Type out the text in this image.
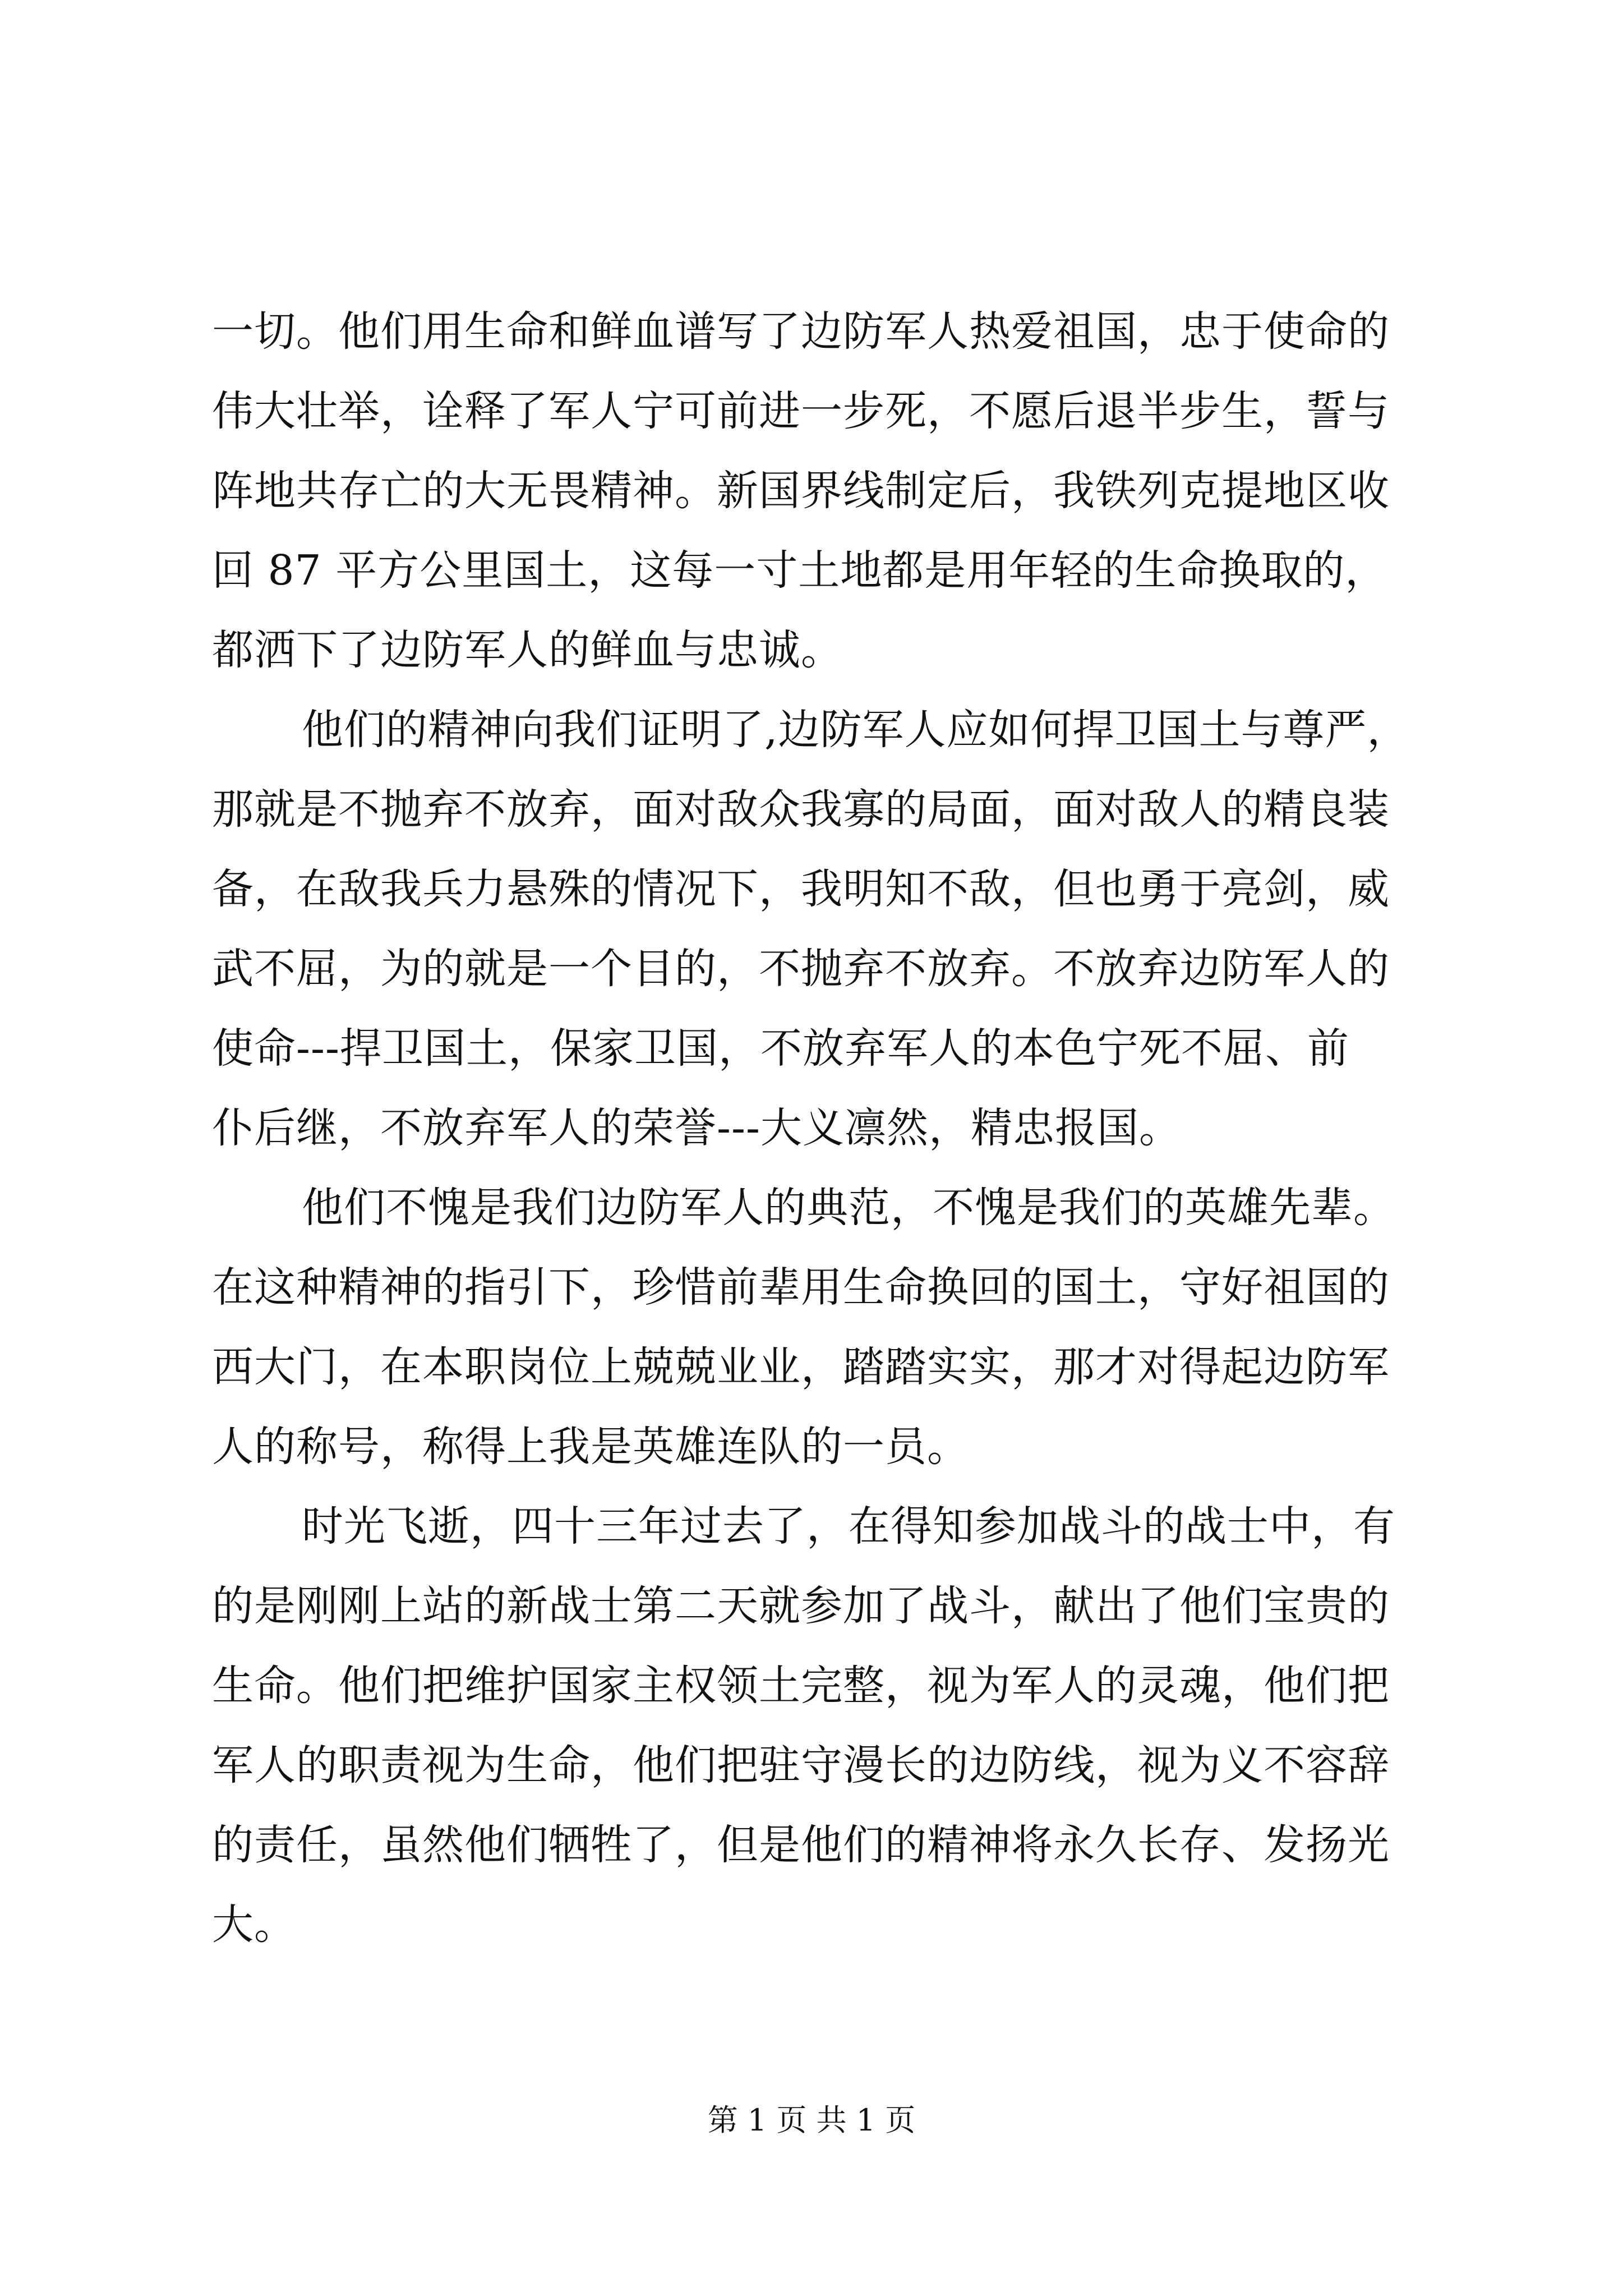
一切。他们用生命和鲜血谱写了边防军人热爱祖国，忠于使命的
伟大壮举，诠释了军人宁可前进一步死，不愿后退半步生，誓与
阵地共存亡的大无畏精神。新国界线制定后，我铁列克提地区收
回 87 平方公里国土，这每一寸土地都是用年轻的生命换取的，
都洒下了边防军人的鲜血与忠诚。
他们的精神向我们证明了,边防军人应如何捍卫国土与尊严，
那就是不抛弃不放弃，面对敌众我寡的局面，面对敌人的精良装
备，在敌我兵力悬殊的情况下，我明知不敌，但也勇于亮剑，威
武不屈，为的就是一个目的，不抛弃不放弃。不放弃边防军人的
使命---捍卫国土，保家卫国，不放弃军人的本色宁死不屈、前
仆后继，不放弃军人的荣誉---大义凛然，精忠报国。
他们不愧是我们边防军人的典范，不愧是我们的英雄先辈。
在这种精神的指引下，珍惜前辈用生命换回的国土，守好祖国的
西大门，在本职岗位上兢兢业业，踏踏实实，那才对得起边防军
人的称号，称得上我是英雄连队的一员。
时光飞逝，四十三年过去了，在得知参加战斗的战士中，有
的是刚刚上站的新战士第二天就参加了战斗，献出了他们宝贵的
生命。他们把维护国家主权领土完整，视为军人的灵魂，他们把
军人的职责视为生命，他们把驻守漫长的边防线，视为义不容辞
的责任，虽然他们牺牲了，但是他们的精神将永久长存、发扬光
大。
第 1 页 共 1 页
